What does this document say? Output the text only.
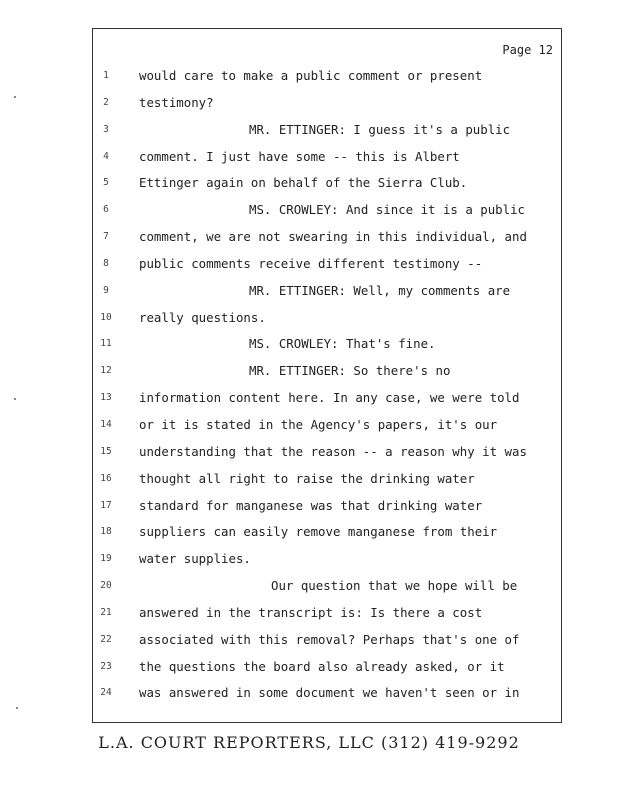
Page 12
1	would care to make a public comment or present
2	testimony?
3	MR. ETTINGER: I guess it's a public
4	comment. I just have some -- this is Albert
5	Ettinger again on behalf of the Sierra Club.
6	MS. CROWLEY: And since it is a public
7	comment, we are not swearing in this individual, and
8	public comments receive different testimony --
9	MR. ETTINGER: Well, my comments are
10	really questions.
11	MS. CROWLEY: That's fine.
12	MR. ETTINGER: So there's no
13	information content here. In any case, we were told
14	or it is stated in the Agency's papers, it's our
15	understanding that the reason -- a reason why it was
16	thought all right to raise the drinking water
17	standard for manganese was that drinking water
18	suppliers can easily remove manganese from their
19	water supplies.
20	Our question that we hope will be
21	answered in the transcript is: Is there a cost
22	associated with this removal? Perhaps that's one of
23	the questions the board also already asked, or it
24	was answered in some document we haven't seen or in
L.A. COURT REPORTERS, LLC (312) 419-9292
